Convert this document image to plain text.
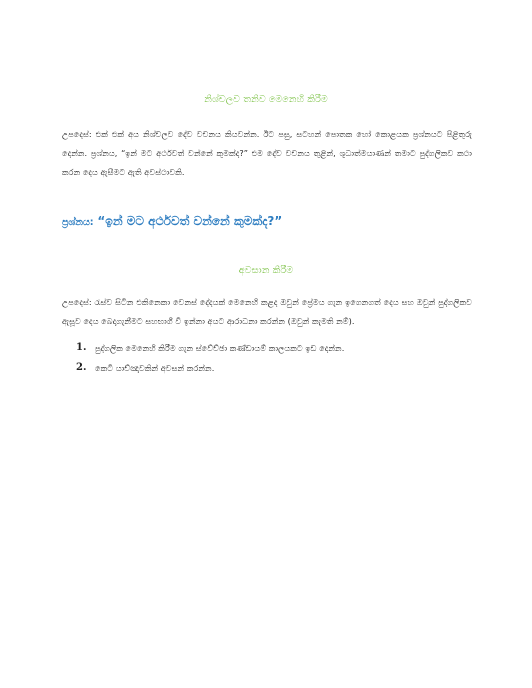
නිශ්චලව තනිව මෙනෙහි කිරීම
උපදෙස්: එක් එක් අය නිශ්චලව දේව වචනය කියවන්න. ඊට පසු, සටහන් පොතක හෝ කොළයක ප්‍රශ්නයට පිළිතුරු දෙන්න. ප්‍රශ්නය, “ඉන් මට අර්ථවත් වන්නේ කුමක්ද?” එම දේව වචනය තුළින්, ශුධාත්මයාණන් තමාට පුද්ගලිකව කථා කරන දෙය ඇසීමට ඇති අවස්ථාවකි.
ප්‍රශ්නය: “ඉන් මට අර්ථවත් වන්නේ කුමක්ද?”
අවසාන කිරීම
උපදෙස්: රැස්ව සිටින එකිනෙකා වෙනස් දේදයක් මෙනෙහි කළද ඔවුන් ප්‍රේමය ගැන ඉගෙනගත් දෙය සහ ඔවුන් පුද්ගලිකව ඇසූව දෙය බෙදාගැනීමට සහභාගී වී ඉන්නා අයට ආරාධනා කරන්න (ඔවුන් කැමති නම්).
1.	පුද්ගලික මෙනෙහි කිරීම ගැන ස්වේච්ඡා කණ්ඩායම් කාලයකට ඉඩ දෙන්න.
2.	කෙටි යාච්ඤාවකින් අවසන් කරන්න.
